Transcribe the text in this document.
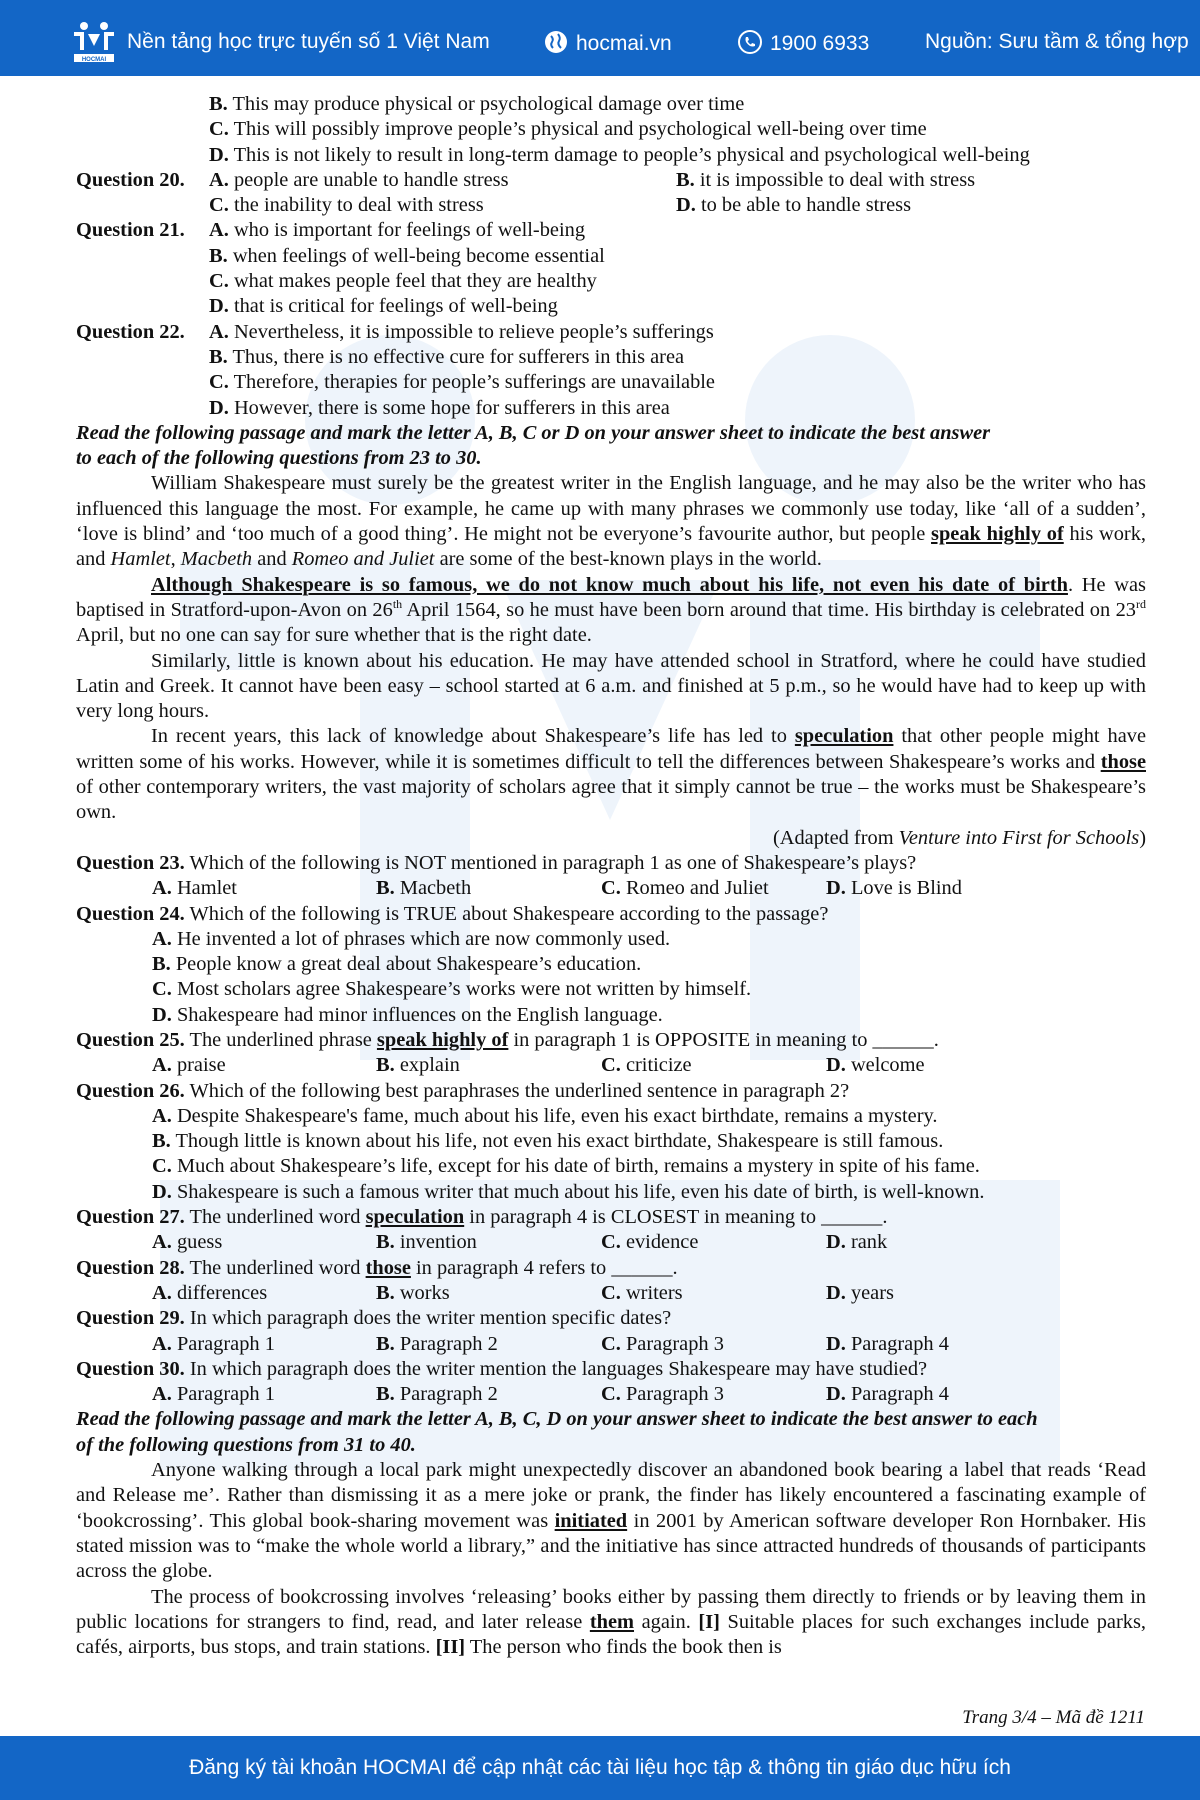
HOCMAI
Nền tảng học trực tuyến số 1 Việt Nam	hocmai.vn	1900 6933	Nguồn: Sưu tầm & tổng hợp
B. This may produce physical or psychological damage over time
C. This will possibly improve people’s physical and psychological well-being over time
D. This is not likely to result in long-term damage to people’s physical and psychological well-being
Question 20. A. people are unable to handle stress	B. it is impossible to deal with stress
C. the inability to deal with stress	D. to be able to handle stress
Question 21. A. who is important for feelings of well-being
B. when feelings of well-being become essential
C. what makes people feel that they are healthy
D. that is critical for feelings of well-being
Question 22. A. Nevertheless, it is impossible to relieve people’s sufferings
B. Thus, there is no effective cure for sufferers in this area
C. Therefore, therapies for people’s sufferings are unavailable
D. However, there is some hope for sufferers in this area
Read the following passage and mark the letter A, B, C or D on your answer sheet to indicate the best answer
to each of the following questions from 23 to 30.

William Shakespeare must surely be the greatest writer in the English language, and he may also be the writer who has influenced this language the most. For example, he came up with many phrases we commonly use today, like ‘all of a sudden’, ‘love is blind’ and ‘too much of a good thing’. He might not be everyone’s favourite author, but people speak highly of his work, and Hamlet, Macbeth and Romeo and Juliet are some of the best-known plays in the world.

Although Shakespeare is so famous, we do not know much about his life, not even his date of birth. He was baptised in Stratford-upon-Avon on 26th April 1564, so he must have been born around that time. His birthday is celebrated on 23rd April, but no one can say for sure whether that is the right date.

Similarly, little is known about his education. He may have attended school in Stratford, where he could have studied Latin and Greek. It cannot have been easy – school started at 6 a.m. and finished at 5 p.m., so he would have had to keep up with very long hours.

In recent years, this lack of knowledge about Shakespeare’s life has led to speculation that other people might have written some of his works. However, while it is sometimes difficult to tell the differences between Shakespeare’s works and those of other contemporary writers, the vast majority of scholars agree that it simply cannot be true – the works must be Shakespeare’s own.

(Adapted from Venture into First for Schools)
Question 23. Which of the following is NOT mentioned in paragraph 1 as one of Shakespeare’s plays?
A. Hamlet	B. Macbeth	C. Romeo and Juliet	D. Love is Blind
Question 24. Which of the following is TRUE about Shakespeare according to the passage?
A. He invented a lot of phrases which are now commonly used.
B. People know a great deal about Shakespeare’s education.
C. Most scholars agree Shakespeare’s works were not written by himself.
D. Shakespeare had minor influences on the English language.
Question 25. The underlined phrase speak highly of in paragraph 1 is OPPOSITE in meaning to ______.
A. praise	B. explain	C. criticize	D. welcome
Question 26. Which of the following best paraphrases the underlined sentence in paragraph 2?
A. Despite Shakespeare's fame, much about his life, even his exact birthdate, remains a mystery.
B. Though little is known about his life, not even his exact birthdate, Shakespeare is still famous.
C. Much about Shakespeare’s life, except for his date of birth, remains a mystery in spite of his fame.
D. Shakespeare is such a famous writer that much about his life, even his date of birth, is well-known.
Question 27. The underlined word speculation in paragraph 4 is CLOSEST in meaning to ______.
A. guess	B. invention	C. evidence	D. rank
Question 28. The underlined word those in paragraph 4 refers to ______.
A. differences	B. works	C. writers	D. years
Question 29. In which paragraph does the writer mention specific dates?
A. Paragraph 1	B. Paragraph 2	C. Paragraph 3	D. Paragraph 4
Question 30. In which paragraph does the writer mention the languages Shakespeare may have studied?
A. Paragraph 1	B. Paragraph 2	C. Paragraph 3	D. Paragraph 4
Read the following passage and mark the letter A, B, C, D on your answer sheet to indicate the best answer to each
of the following questions from 31 to 40.

Anyone walking through a local park might unexpectedly discover an abandoned book bearing a label that reads ‘Read and Release me’. Rather than dismissing it as a mere joke or prank, the finder has likely encountered a fascinating example of ‘bookcrossing’. This global book-sharing movement was initiated in 2001 by American software developer Ron Hornbaker. His stated mission was to “make the whole world a library,” and the initiative has since attracted hundreds of thousands of participants across the globe.

The process of bookcrossing involves ‘releasing’ books either by passing them directly to friends or by leaving them in public locations for strangers to find, read, and later release them again. [I] Suitable places for such exchanges include parks, cafés, airports, bus stops, and train stations. [II] The person who finds the book then is

Trang 3/4 – Mã đề 1211
Đăng ký tài khoản HOCMAI để cập nhật các tài liệu học tập & thông tin giáo dục hữu ích
